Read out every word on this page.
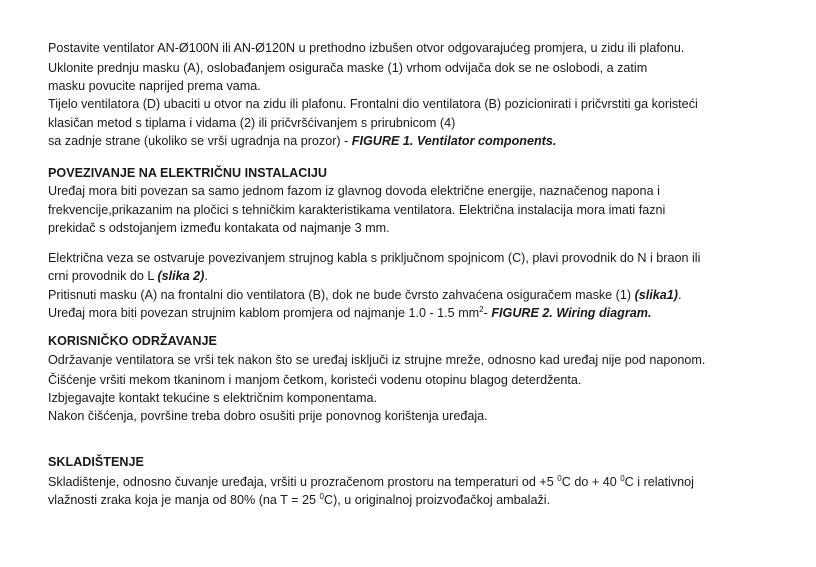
Postavite ventilator AN-Ø100N ili AN-Ø120N u prethodno izbušen otvor odgovarajućeg promjera, u zidu ili plafonu.
Uklonite prednju masku (A), oslobađanjem osigurača maske (1) vrhom odvijača dok se ne oslobodi, a zatim
masku povucite naprijed prema vama.
Tijelo ventilatora (D) ubaciti u otvor na zidu ili plafonu. Frontalni dio ventilatora (B) pozicionirati i pričvrstiti ga koristeći
klasičan metod s tiplama i vidama (2) ili pričvršćivanjem s prirubnicom (4)
sa zadnje strane (ukoliko se vrši ugradnja na prozor) - FIGURE 1. Ventilator components.
POVEZIVANJE NA ELEKTRIČNU INSTALACIJU
Uređaj mora biti povezan sa samo jednom fazom iz glavnog dovoda električne energije, naznačenog napona i
frekvencije,prikazanim na pločici s tehničkim karakteristikama ventilatora. Električna instalacija mora imati fazni
prekidač s odstojanjem između kontakata od najmanje 3 mm.
Električna veza se ostvaruje povezivanjem strujnog kabla s priključnom spojnicom (C), plavi provodnik do N i braon ili
crni provodnik do L (slika 2).
Pritisnuti masku (A) na frontalni dio ventilatora (B), dok ne bude čvrsto zahvaćena osiguračem maske (1) (slika1).
Uređaj mora biti povezan strujnim kablom promjera od najmanje 1.0 - 1.5 $mm^2-$ FIGURE 2. Wiring diagram.
KORISNIČKO ODRŽAVANJE
Održavanje ventilatora se vrši tek nakon što se uređaj isključi iz strujne mreže, odnosno kad uređaj nije pod naponom.
Čišćenje vršiti mekom tkaninom i manjom četkom, koristeći vodenu otopinu blagog deterdženta.
Izbjegavajte kontakt tekućine s električnim komponentama.
Nakon čišćenja, površine treba dobro osušiti prije ponovnog korištenja uređaja.
SKLADIŠTENJE
Skladištenje, odnosno čuvanje uređaja, vršiti u prozračenom prostoru na temperaturi od +5 $^0$C do + 40 $^0$C i relativnoj
vlažnosti zraka koja je manja od 80% (na T = 25 $^0$C), u originalnoj proizvođačkoj ambalaži.
